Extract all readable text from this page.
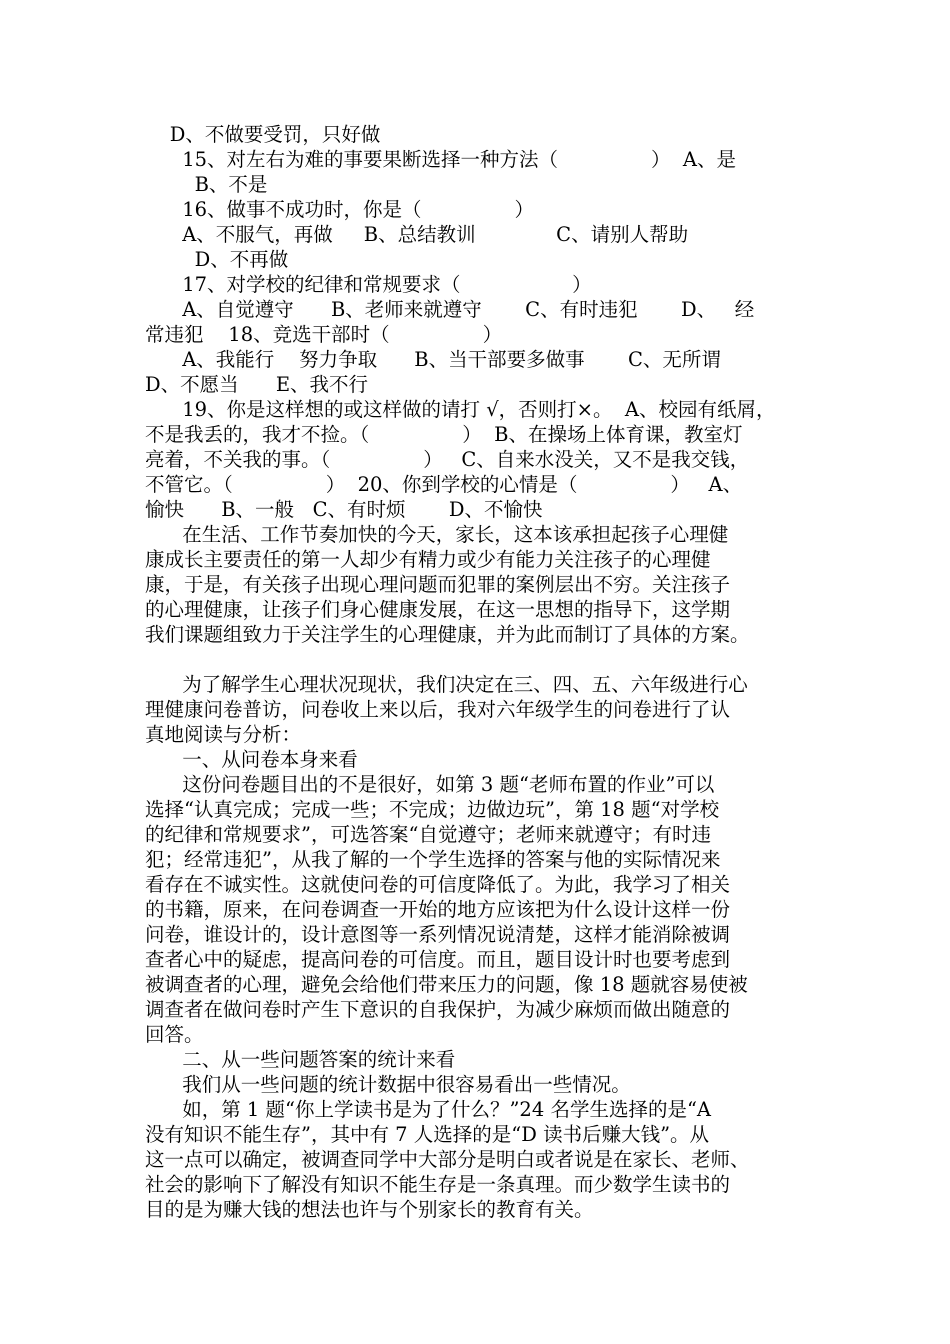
D、不做要受罚，只好做
15、对左右为难的事要果断选择一种方法（               ）  A、是
B、不是
16、做事不成功时，你是（               ）
A、不服气，再做     B、总结教训             C、请别人帮助
D、不再做
17、对学校的纪律和常规要求（                  ）
A、自觉遵守      B、老师来就遵守       C、有时违犯       D、   经
常违犯    18、竞选干部时（               ）
A、我能行    努力争取      B、当干部要多做事       C、无所谓
D、不愿当      E、我不行
19、你是这样想的或这样做的请打 √，否则打×。  A、校园有纸屑，
不是我丢的，我才不捡。（               ）  B、在操场上体育课，教室灯
亮着，不关我的事。（               ）   C、自来水没关，又不是我交钱，
不管它。（               ）  20、你到学校的心情是（               ）   A、
愉快      B、一般   C、有时烦       D、不愉快
在生活、工作节奏加快的今天，家长，这本该承担起孩子心理健
康成长主要责任的第一人却少有精力或少有能力关注孩子的心理健
康，于是，有关孩子出现心理问题而犯罪的案例层出不穷。关注孩子
的心理健康，让孩子们身心健康发展，在这一思想的指导下，这学期
我们课题组致力于关注学生的心理健康，并为此而制订了具体的方案。
为了解学生心理状况现状，我们决定在三、四、五、六年级进行心
理健康问卷普访，问卷收上来以后，我对六年级学生的问卷进行了认
真地阅读与分析：
一、从问卷本身来看
这份问卷题目出的不是很好，如第 3 题“老师布置的作业”可以
选择“认真完成；完成一些；不完成；边做边玩”，第 18 题“对学校
的纪律和常规要求”，可选答案“自觉遵守；老师来就遵守；有时违
犯；经常违犯”，从我了解的一个学生选择的答案与他的实际情况来
看存在不诚实性。这就使问卷的可信度降低了。为此，我学习了相关
的书籍，原来，在问卷调查一开始的地方应该把为什么设计这样一份
问卷，谁设计的，设计意图等一系列情况说清楚，这样才能消除被调
查者心中的疑虑，提高问卷的可信度。而且，题目设计时也要考虑到
被调查者的心理，避免会给他们带来压力的问题，像 18 题就容易使被
调查者在做问卷时产生下意识的自我保护，为减少麻烦而做出随意的
回答。
二、从一些问题答案的统计来看
我们从一些问题的统计数据中很容易看出一些情况。
如，第 1 题“你上学读书是为了什么？”24 名学生选择的是“A
没有知识不能生存”，其中有 7 人选择的是“D 读书后赚大钱”。从
这一点可以确定，被调查同学中大部分是明白或者说是在家长、老师、
社会的影响下了解没有知识不能生存是一条真理。而少数学生读书的
目的是为赚大钱的想法也许与个别家长的教育有关。
